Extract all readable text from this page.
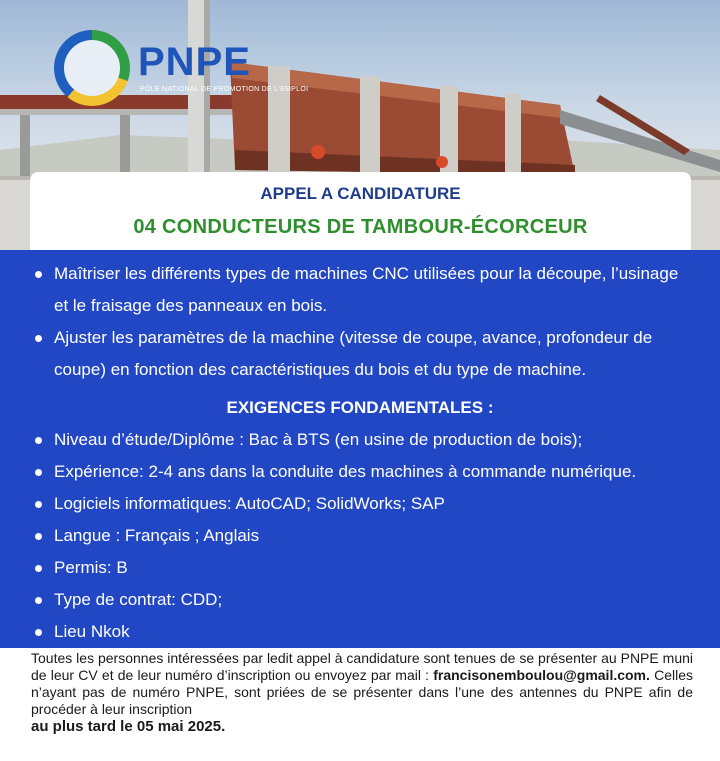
PNPE
PÔLE NATIONAL DE PROMOTION DE L'EMPLOI
APPEL A CANDIDATURE
04 CONDUCTEURS DE TAMBOUR-ÉCORCEUR
Maîtriser les différents types de machines CNC utilisées pour la découpe, l’usinage et le fraisage des panneaux en bois.
Ajuster les paramètres de la machine (vitesse de coupe, avance, profondeur de coupe) en fonction des caractéristiques du bois et du type de machine.
EXIGENCES FONDAMENTALES :
Niveau d’étude/Diplôme : Bac à BTS (en usine de production de bois);
Expérience: 2-4 ans dans la conduite des machines à commande numérique.
Logiciels informatiques: AutoCAD; SolidWorks; SAP
Langue : Français ; Anglais
Permis: B
Type de contrat: CDD;
Lieu Nkok

Toutes les personnes intéressées par ledit appel à candidature sont tenues de se présenter au PNPE muni de leur CV et de leur numéro d’inscription ou envoyez par mail : francisonemboulou@gmail.com. Celles n’ayant pas de numéro PNPE, sont priées de se présenter dans l’une des antennes du PNPE afin de procéder à leur inscription

au plus tard le 05 mai 2025.
